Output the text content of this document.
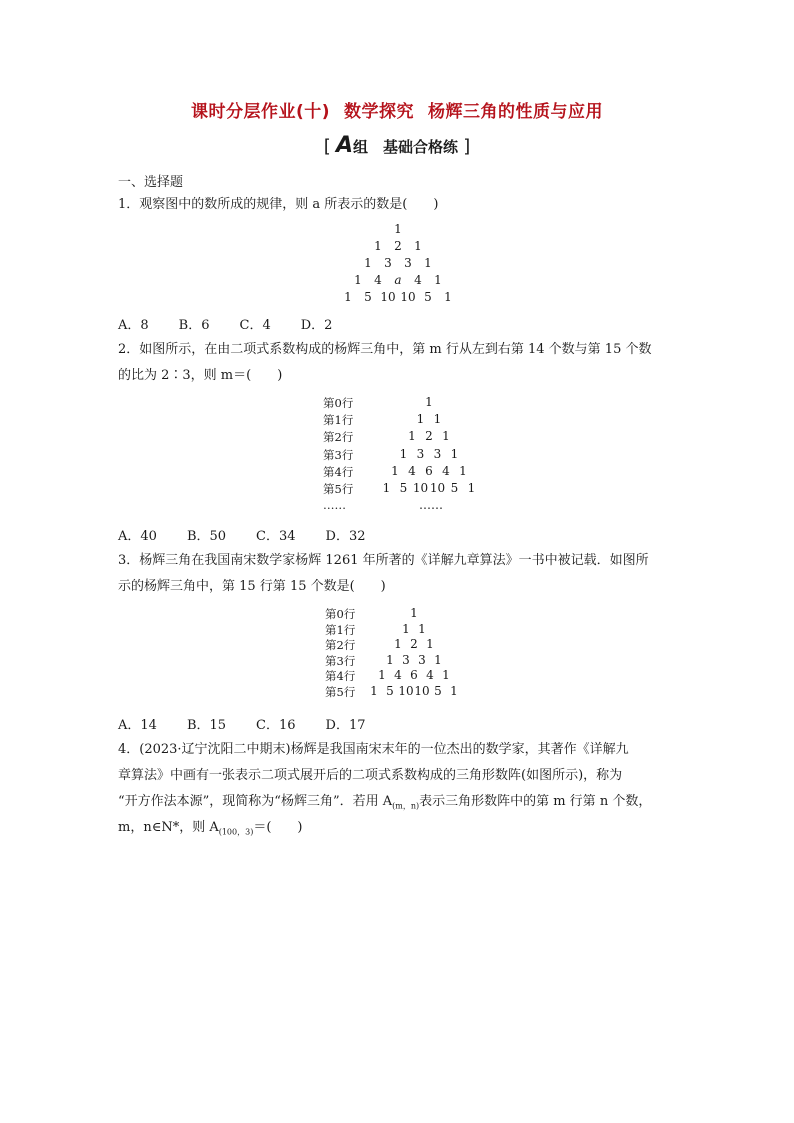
课时分层作业(十) 数学探究 杨辉三角的性质与应用
[ A组　基础合格练 ]
一、选择题
1．观察图中的数所成的规律，则 a 所表示的数是(　　)
1
1	2	1
1	3	3	1
1	4	a	4	1
1	5 10 10 5	1
A．8 B．6 C．4 D．2
2．如图所示，在由二项式系数构成的杨辉三角中，第 m 行从左到右第 14 个数与第 15 个数
的比为 2∶3，则 m＝(　　)
第0行	1
第1行	1 1
第2行	1 2 1
第3行	1 3 3 1
第4行	1 4 6 4 1
第5行	1 5 10 10 5 1
……	……
A．40 B．50 C．34 D．32
3．杨辉三角在我国南宋数学家杨辉 1261 年所著的《详解九章算法》一书中被记载．如图所
示的杨辉三角中，第 15 行第 15 个数是(　　)
第0行	1
第1行	1 1
第2行	1 2 1
第3行	1 3 3 1
第4行	1 4 6 4 1
第5行	1 5 10 10 5 1
A．14 B．15 C．16 D．17
4．(2023·辽宁沈阳二中期末)杨辉是我国南宋末年的一位杰出的数学家，其著作《详解九
章算法》中画有一张表示二项式展开后的二项式系数构成的三角形数阵(如图所示)，称为
“开方作法本源”，现简称为“杨辉三角”．若用 $A_{(m,n)}$表示三角形数阵中的第 m 行第 n 个数，
m，n∈N*，则 $A_{(100,3)}=$(　　)
